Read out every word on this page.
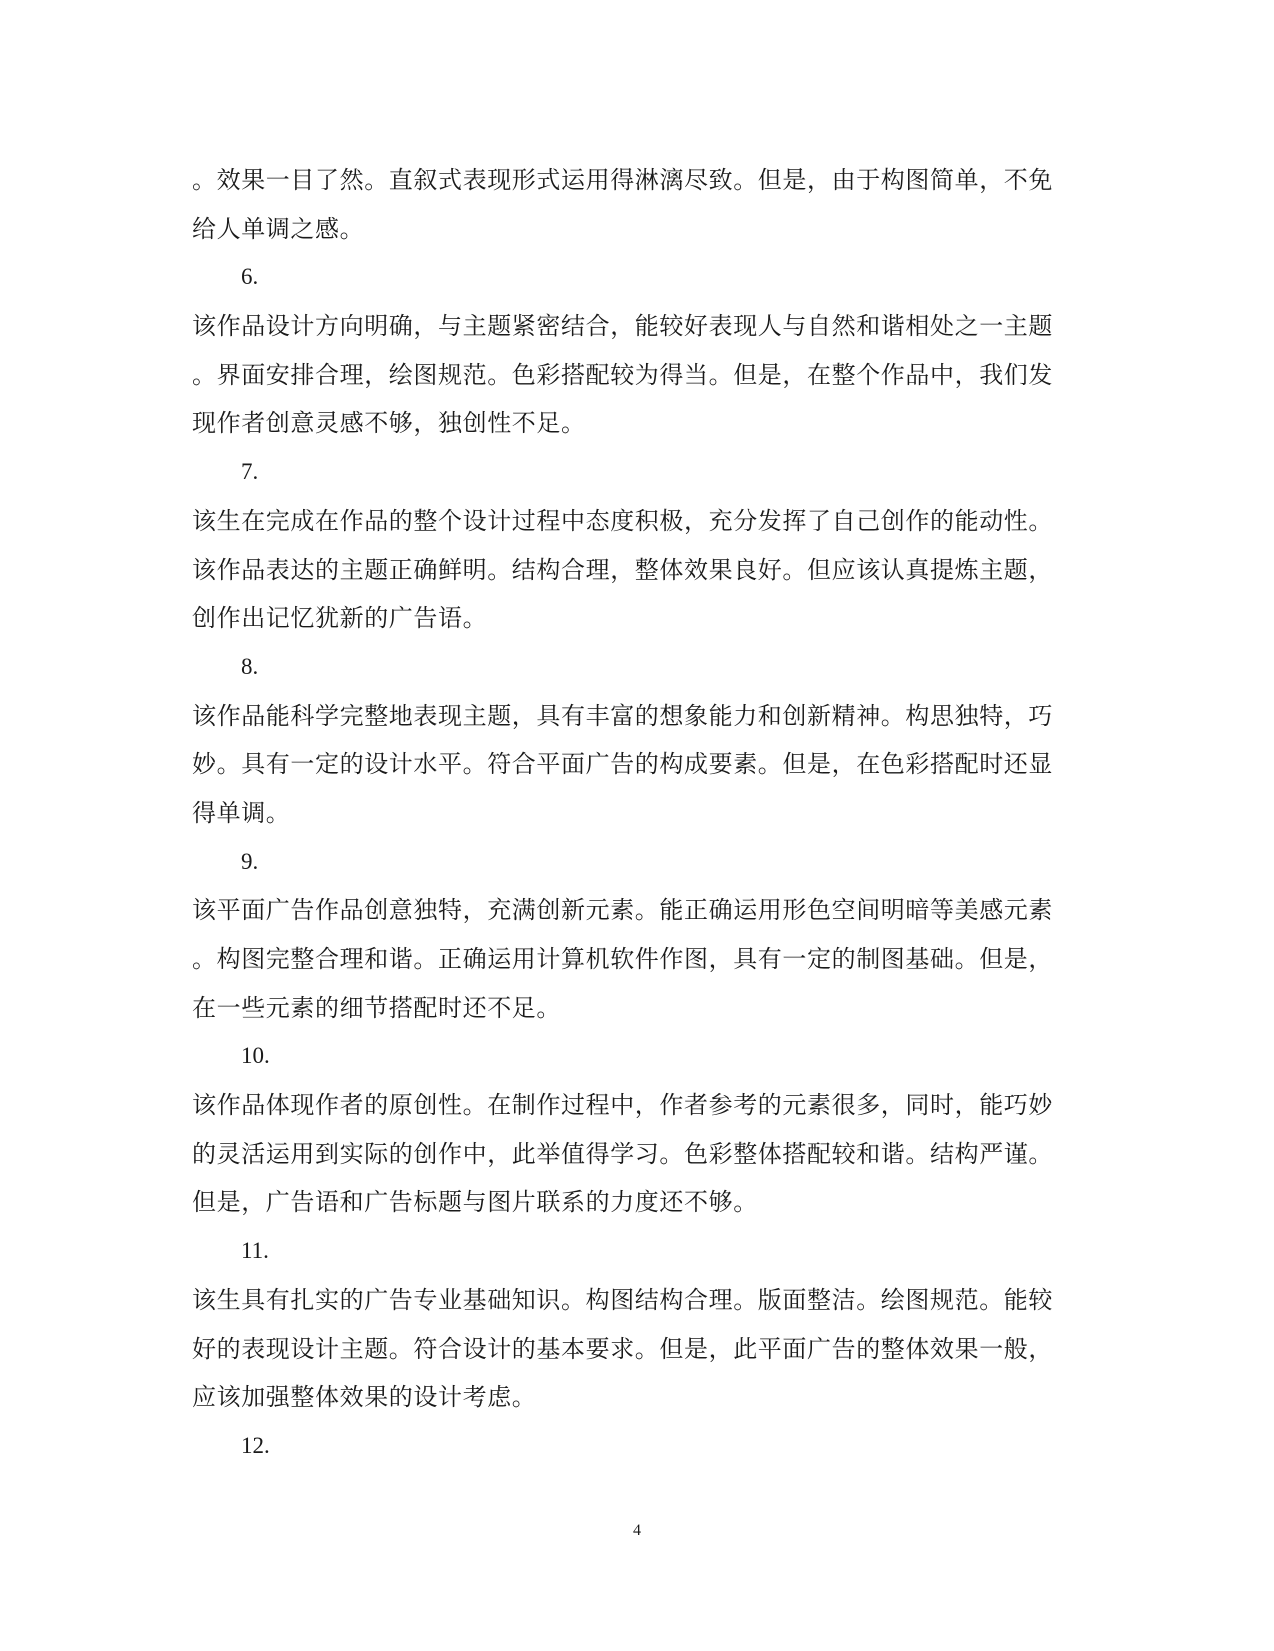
。效果一目了然。直叙式表现形式运用得淋漓尽致。但是，由于构图简单，不免
给人单调之感。
6.
该作品设计方向明确，与主题紧密结合，能较好表现人与自然和谐相处之一主题
。界面安排合理，绘图规范。色彩搭配较为得当。但是，在整个作品中，我们发
现作者创意灵感不够，独创性不足。
7.
该生在完成在作品的整个设计过程中态度积极，充分发挥了自己创作的能动性。
该作品表达的主题正确鲜明。结构合理，整体效果良好。但应该认真提炼主题，
创作出记忆犹新的广告语。
8.
该作品能科学完整地表现主题，具有丰富的想象能力和创新精神。构思独特，巧
妙。具有一定的设计水平。符合平面广告的构成要素。但是，在色彩搭配时还显
得单调。
9.
该平面广告作品创意独特，充满创新元素。能正确运用形色空间明暗等美感元素
。构图完整合理和谐。正确运用计算机软件作图，具有一定的制图基础。但是，
在一些元素的细节搭配时还不足。
10.
该作品体现作者的原创性。在制作过程中，作者参考的元素很多，同时，能巧妙
的灵活运用到实际的创作中，此举值得学习。色彩整体搭配较和谐。结构严谨。
但是，广告语和广告标题与图片联系的力度还不够。
11.
该生具有扎实的广告专业基础知识。构图结构合理。版面整洁。绘图规范。能较
好的表现设计主题。符合设计的基本要求。但是，此平面广告的整体效果一般，
应该加强整体效果的设计考虑。
12.
4
